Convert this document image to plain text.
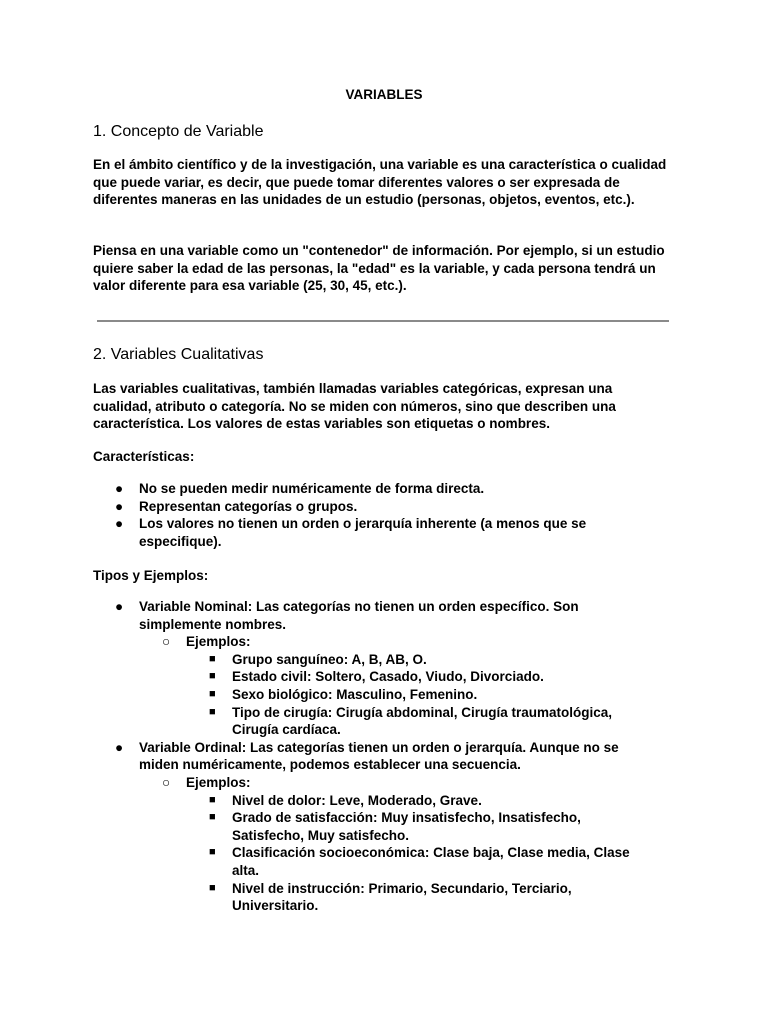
VARIABLES
1. Concepto de Variable

En el ámbito científico y de la investigación, una variable es una característica o cualidad que puede variar, es decir, que puede tomar diferentes valores o ser expresada de diferentes maneras en las unidades de un estudio (personas, objetos, eventos, etc.).

Piensa en una variable como un "contenedor" de información. Por ejemplo, si un estudio quiere saber la edad de las personas, la "edad" es la variable, y cada persona tendrá un valor diferente para esa variable (25, 30, 45, etc.).

2. Variables Cualitativas

Las variables cualitativas, también llamadas variables categóricas, expresan una cualidad, atributo o categoría. No se miden con números, sino que describen una característica. Los valores de estas variables son etiquetas o nombres.

Características:

● No se pueden medir numéricamente de forma directa.
● Representan categorías o grupos.
● Los valores no tienen un orden o jerarquía inherente (a menos que se especifique).

Tipos y Ejemplos:

● Variable Nominal: Las categorías no tienen un orden específico. Son simplemente nombres.
○ Ejemplos:
■ Grupo sanguíneo: A, B, AB, O.
■ Estado civil: Soltero, Casado, Viudo, Divorciado.
■ Sexo biológico: Masculino, Femenino.
■ Tipo de cirugía: Cirugía abdominal, Cirugía traumatológica, Cirugía cardíaca.
● Variable Ordinal: Las categorías tienen un orden o jerarquía. Aunque no se miden numéricamente, podemos establecer una secuencia.
○ Ejemplos:
■ Nivel de dolor: Leve, Moderado, Grave.
■ Grado de satisfacción: Muy insatisfecho, Insatisfecho, Satisfecho, Muy satisfecho.
■ Clasificación socioeconómica: Clase baja, Clase media, Clase alta.
■ Nivel de instrucción: Primario, Secundario, Terciario, Universitario.
